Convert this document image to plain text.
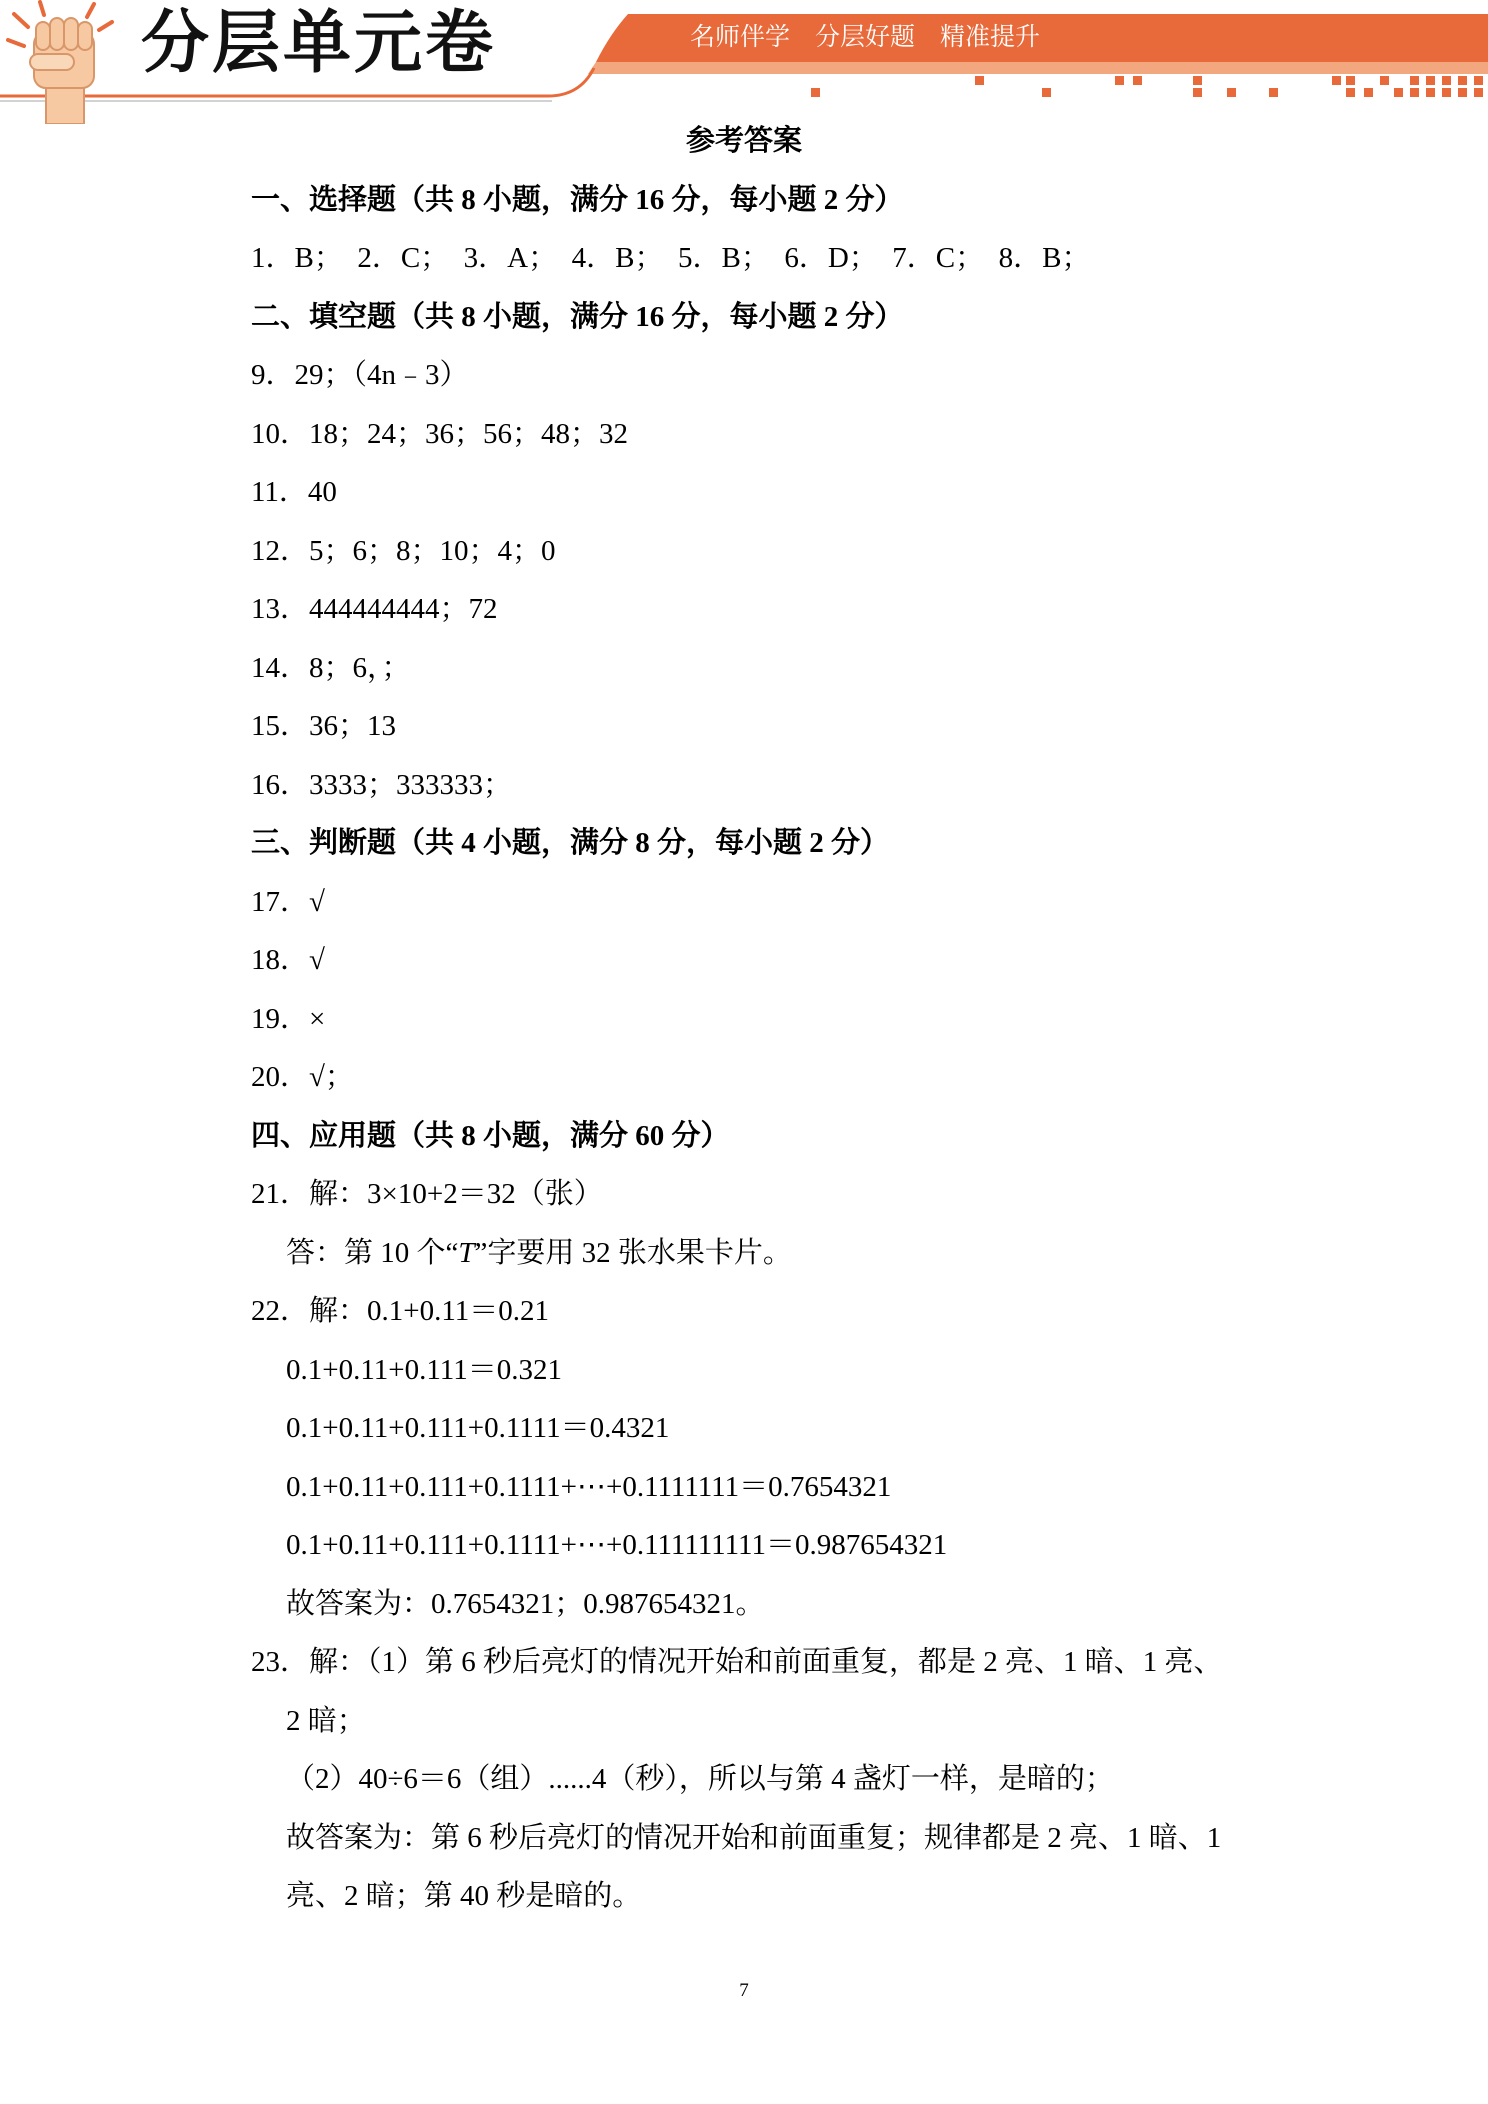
分层单元卷	名师伴学　分层好题　精准提升
参考答案
一、选择题（共 8 小题，满分 16 分，每小题 2 分）
1．B；  2．C；  3．A；  4．B；  5．B；  6．D；  7．C；  8．B；
二、填空题（共 8 小题，满分 16 分，每小题 2 分）
9．29；（4n﹣3）
10．18；24；36；56；48；32
11．40
12．5；6；8；10；4；0
13．444444444；72
14．8；6，；
15．36；13
16．3333；333333；
三、判断题（共 4 小题，满分 8 分，每小题 2 分）
17．√
18．√
19．×
20．√；
四、应用题（共 8 小题，满分 60 分）
21．解：3×10+2＝32（张）
答：第 10 个“T”字要用 32 张水果卡片。
22．解：0.1+0.11＝0.21
0.1+0.11+0.111＝0.321
0.1+0.11+0.111+0.1111＝0.4321
0.1+0.11+0.111+0.1111+⋯+0.1111111＝0.7654321
0.1+0.11+0.111+0.1111+⋯+0.111111111＝0.987654321
故答案为：0.7654321；0.987654321。
23．解：（1）第 6 秒后亮灯的情况开始和前面重复，都是 2 亮、1 暗、1 亮、
2 暗；
（2）40÷6＝6（组）......4（秒），所以与第 4 盏灯一样，是暗的；
故答案为：第 6 秒后亮灯的情况开始和前面重复；规律都是 2 亮、1 暗、1
亮、2 暗；第 40 秒是暗的。
7
